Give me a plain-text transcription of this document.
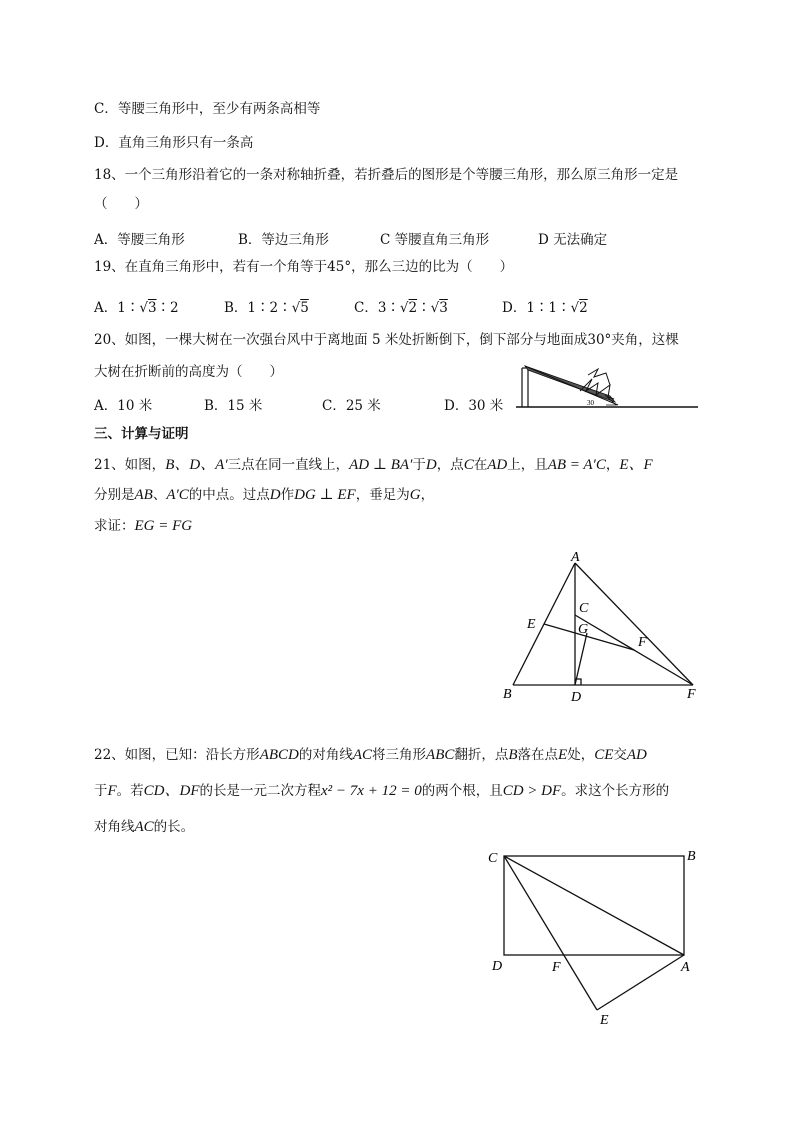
C．等腰三角形中，至少有两条高相等
D．直角三角形只有一条高
18、一个三角形沿着它的一条对称轴折叠，若折叠后的图形是个等腰三角形，那么原三角形一定是
（　　）
A．等腰三角形	B．等边三角形	C 等腰直角三角形	D 无法确定
19、在直角三角形中，若有一个角等于45°，那么三边的比为（　　）
A．1∶√3∶2	B．1∶2∶√5	C．3∶√2∶√3	D．1∶1∶√2
20、如图，一棵大树在一次强台风中于离地面 5 米处折断倒下，倒下部分与地面成30°夹角，这棵
大树在折断前的高度为（　　）
A．10 米	B．15 米	C．25 米	D．30 米	30
三、计算与证明
21、如图，B、D、A′三点在同一直线上，AD ⊥ BA′于D，点C在AD上，且AB = A′C，E、F
分别是AB、A′C的中点。过点D作DG ⊥ EF，垂足为G，
求证：EG = FG
A
B
C
D
E
F
F
G
22、如图，已知：沿长方形ABCD的对角线AC将三角形ABC翻折，点B落在点E处，CE交AD
于F。若CD、DF的长是一元二次方程x² − 7x + 12 = 0的两个根，且CD > DF。求这个长方形的
对角线AC的长。
C	B
D	F	A
E
